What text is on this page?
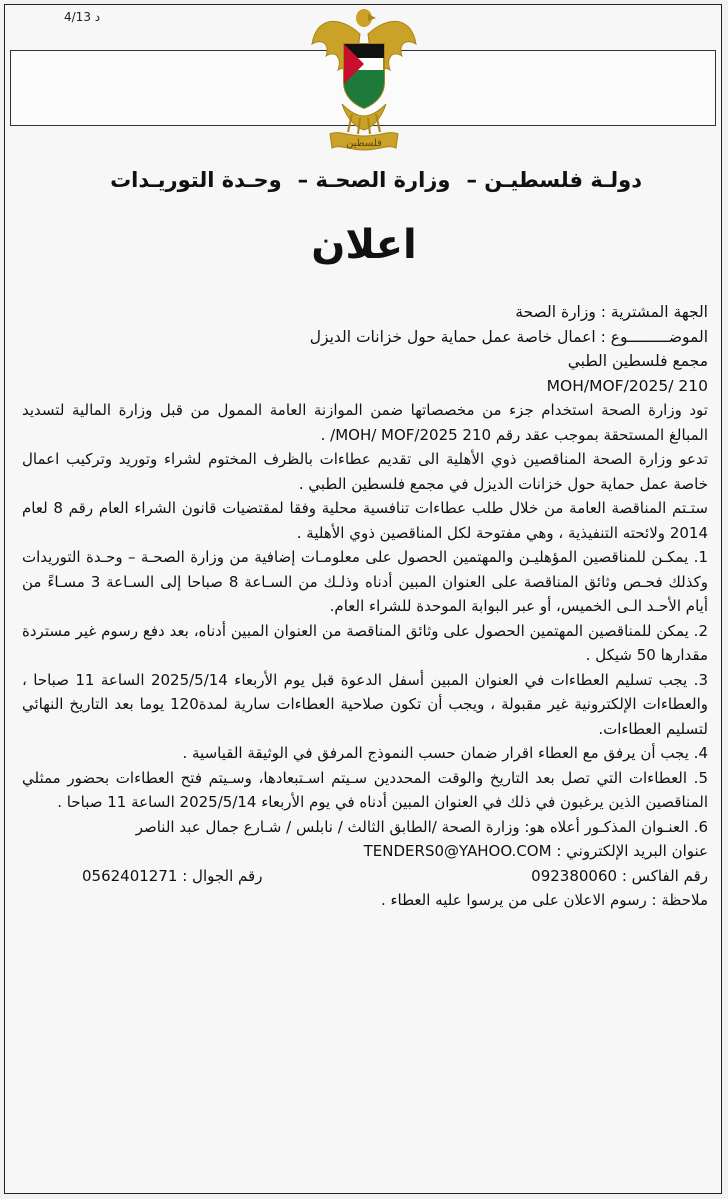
4/13 د
فلسطين
دولـة فلسطيـن –وزارة الصحـة –وحـدة التوريـدات
اعلان

الجهة المشترية : وزارة الصحة

الموضـــــــــوع : اعمال خاصة عمل حماية حول خزانات الديزل

مجمع فلسطين الطبي

MOH/MOF/2025/ 210

تود وزارة الصحة استخدام جزء من مخصصاتها ضمن الموازنة العامة الممول من قبل وزارة المالية لتسديد المبالغ المستحقة بموجب عقد رقم MOH/ MOF/2025 210/ .

تدعو وزارة الصحة المناقصين ذوي الأهلية الى تقديم عطاءات بالظرف المختوم لشراء وتوريد وتركيب اعمال خاصة عمل حماية حول خزانات الديزل في مجمع فلسطين الطبي .

ستـتم المناقصة العامة من خلال طلب عطاءات تنافسية محلية وفقا لمقتضيات قانون الشراء العام رقم 8 لعام 2014 ولائحته التنفيذية ، وهي مفتوحة لكل المناقصين ذوي الأهلية .

1. يمكـن للمناقصين المؤهليـن والمهتمين الحصول على معلومـات إضافية من وزارة الصحـة – وحـدة التوريدات وكذلك فحـص وثائق المناقصة على العنوان المبين أدناه وذلـك من السـاعة 8 صباحا إلى السـاعة 3 مسـاءً من أيام الأحـد الـى الخميس، أو عبر البوابة الموحدة للشراء العام.

2. يمكن للمناقصين المهتمين الحصول على وثائق المناقصة من العنوان المبين أدناه، بعد دفع رسوم غير مستردة مقدارها 50 شيكل .

3. يجب تسليم العطاءات في العنوان المبين أسفل الدعوة قبل يوم الأربعاء 2025/5/14 الساعة 11 صباحا ، والعطاءات الإلكترونية غير مقبولة ، ويجب أن تكون صلاحية العطاءات سارية لمدة120 يوما بعد التاريخ النهائي لتسليم العطاءات.

4. يجب أن يرفق مع العطاء اقرار ضمان حسب النموذج المرفق في الوثيقة القياسية .

5. العطاءات التي تصل بعد التاريخ والوقت المحددين سـيتم اسـتبعادها، وسـيتم فتح العطاءات بحضور ممثلي المناقصين الذين يرغبون في ذلك في العنوان المبين أدناه في يوم الأربعاء 2025/5/14 الساعة 11 صباحا .

6. العنـوان المذكـور أعلاه هو: وزارة الصحة /الطابق الثالث / نابلس / شـارع جمال عبد الناصر

عنوان البريد الإلكتروني : TENDERS0@YAHOO.COM

رقم الفاكس : 092380060
رقم الجوال : 0562401271

ملاحظة : رسوم الاعلان على من يرسوا عليه العطاء .
